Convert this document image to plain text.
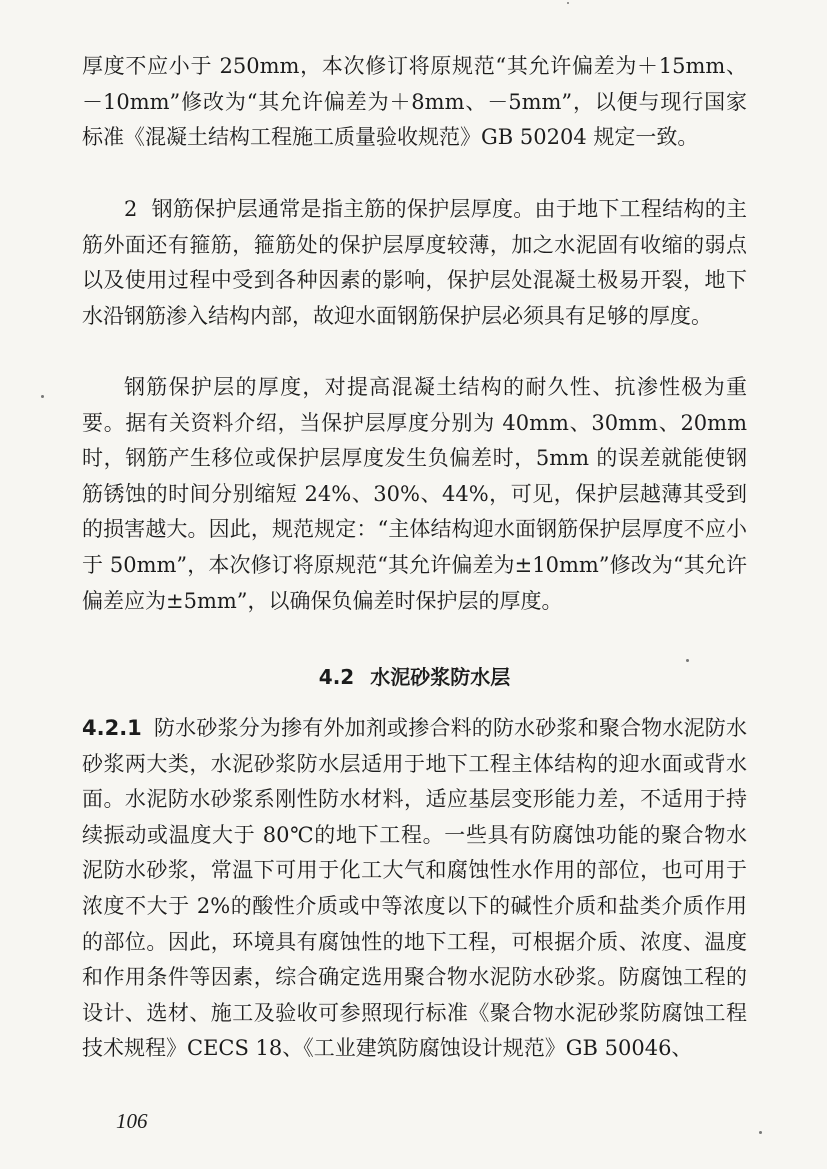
厚度不应小于 250mm，本次修订将原规范“其允许偏差为＋15mm、－10mm”修改为“其允许偏差为＋8mm、－5mm”，以便与现行国家标准《混凝土结构工程施工质量验收规范》GB 50204 规定一致。

2 钢筋保护层通常是指主筋的保护层厚度。由于地下工程结构的主筋外面还有箍筋，箍筋处的保护层厚度较薄，加之水泥固有收缩的弱点以及使用过程中受到各种因素的影响，保护层处混凝土极易开裂，地下水沿钢筋渗入结构内部，故迎水面钢筋保护层必须具有足够的厚度。

钢筋保护层的厚度，对提高混凝土结构的耐久性、抗渗性极为重要。据有关资料介绍，当保护层厚度分别为 40mm、30mm、20mm 时，钢筋产生移位或保护层厚度发生负偏差时，5mm 的误差就能使钢筋锈蚀的时间分别缩短 24%、30%、44%，可见，保护层越薄其受到的损害越大。因此，规范规定：“主体结构迎水面钢筋保护层厚度不应小于 50mm”，本次修订将原规范“其允许偏差为±10mm”修改为“其允许偏差应为±5mm”，以确保负偏差时保护层的厚度。

4.2 水泥砂浆防水层

4.2.1 防水砂浆分为掺有外加剂或掺合料的防水砂浆和聚合物水泥防水砂浆两大类，水泥砂浆防水层适用于地下工程主体结构的迎水面或背水面。水泥防水砂浆系刚性防水材料，适应基层变形能力差，不适用于持续振动或温度大于 80℃的地下工程。一些具有防腐蚀功能的聚合物水泥防水砂浆，常温下可用于化工大气和腐蚀性水作用的部位，也可用于浓度不大于 2%的酸性介质或中等浓度以下的碱性介质和盐类介质作用的部位。因此，环境具有腐蚀性的地下工程，可根据介质、浓度、温度和作用条件等因素，综合确定选用聚合物水泥防水砂浆。防腐蚀工程的设计、选材、施工及验收可参照现行标准《聚合物水泥砂浆防腐蚀工程技术规程》CECS 18、《工业建筑防腐蚀设计规范》GB 50046、

106
